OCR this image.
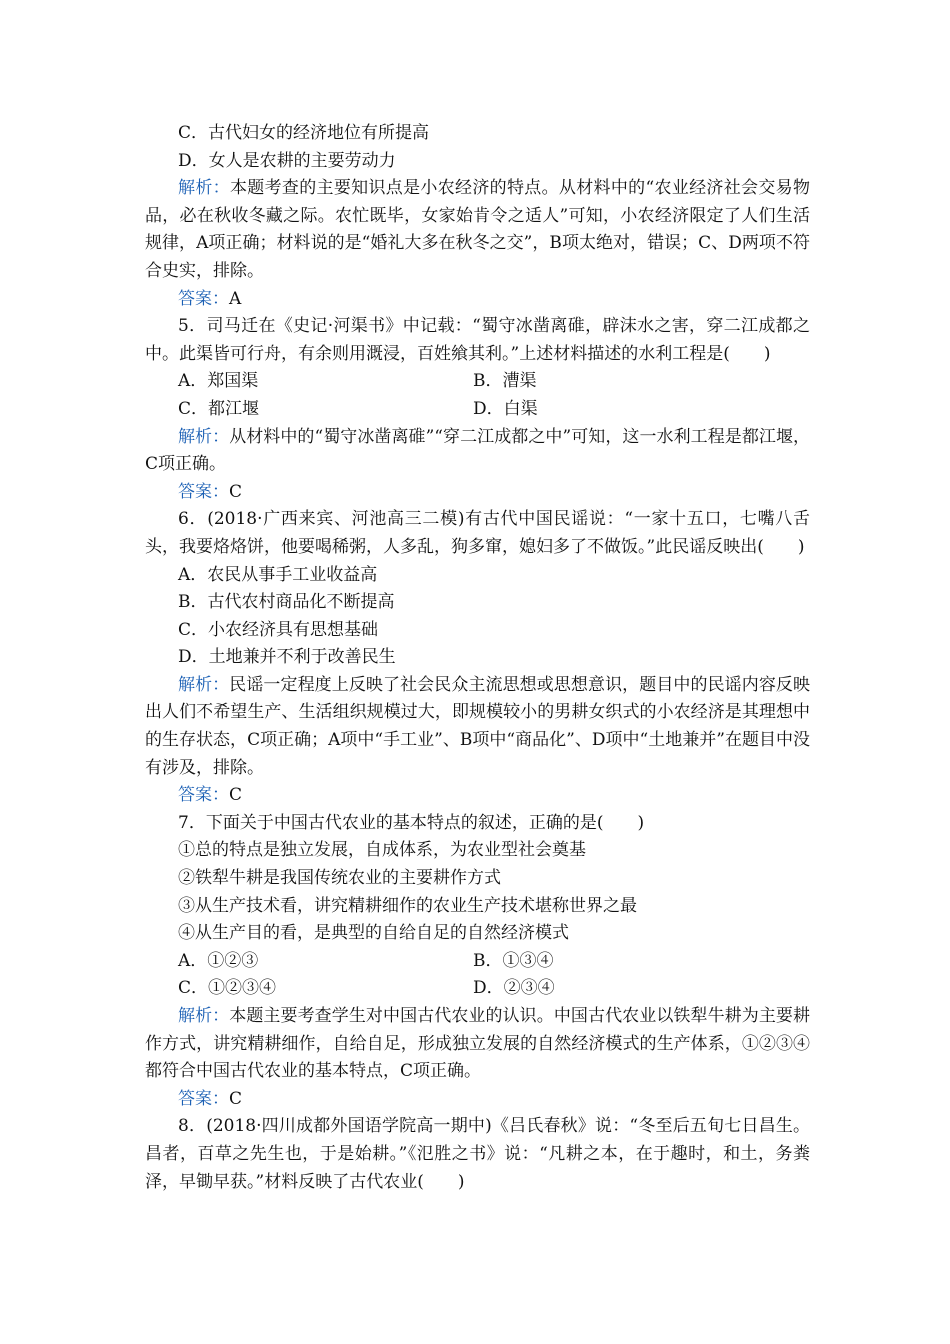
C．古代妇女的经济地位有所提高
D．女人是农耕的主要劳动力
解析：本题考查的主要知识点是小农经济的特点。从材料中的“农业经济社会交易物品，必在秋收冬藏之际。农忙既毕，女家始肯令之适人”可知，小农经济限定了人们生活规律，A项正确；材料说的是“婚礼大多在秋冬之交”，B项太绝对，错误；C、D两项不符合史实，排除。
答案：A
5．司马迁在《史记·河渠书》中记载：“蜀守冰凿离碓，辟沫水之害，穿二江成都之中。此渠皆可行舟，有余则用溉浸，百姓飨其利。”上述材料描述的水利工程是(　　)
A．郑国渠	B．漕渠
C．都江堰	D．白渠
解析：从材料中的“蜀守冰凿离碓”“穿二江成都之中”可知，这一水利工程是都江堰，C项正确。
答案：C
6．(2018·广西来宾、河池高三二模)有古代中国民谣说：“一家十五口，七嘴八舌头，我要烙烙饼，他要喝稀粥，人多乱，狗多窜，媳妇多了不做饭。”此民谣反映出(　　)
A．农民从事手工业收益高
B．古代农村商品化不断提高
C．小农经济具有思想基础
D．土地兼并不利于改善民生
解析：民谣一定程度上反映了社会民众主流思想或思想意识，题目中的民谣内容反映出人们不希望生产、生活组织规模过大，即规模较小的男耕女织式的小农经济是其理想中的生存状态，C项正确；A项中“手工业”、B项中“商品化”、D项中“土地兼并”在题目中没有涉及，排除。
答案：C
7．下面关于中国古代农业的基本特点的叙述，正确的是(　　)
①总的特点是独立发展，自成体系，为农业型社会奠基
②铁犁牛耕是我国传统农业的主要耕作方式
③从生产技术看，讲究精耕细作的农业生产技术堪称世界之最
④从生产目的看，是典型的自给自足的自然经济模式
A．①②③	B．①③④
C．①②③④	D．②③④
解析：本题主要考查学生对中国古代农业的认识。中国古代农业以铁犁牛耕为主要耕作方式，讲究精耕细作，自给自足，形成独立发展的自然经济模式的生产体系，①②③④都符合中国古代农业的基本特点，C项正确。
答案：C
8．(2018·四川成都外国语学院高一期中)《吕氏春秋》说：“冬至后五旬七日昌生。昌者，百草之先生也，于是始耕。”《氾胜之书》说：“凡耕之本，在于趣时，和土，务粪泽，早锄早获。”材料反映了古代农业(　　)
